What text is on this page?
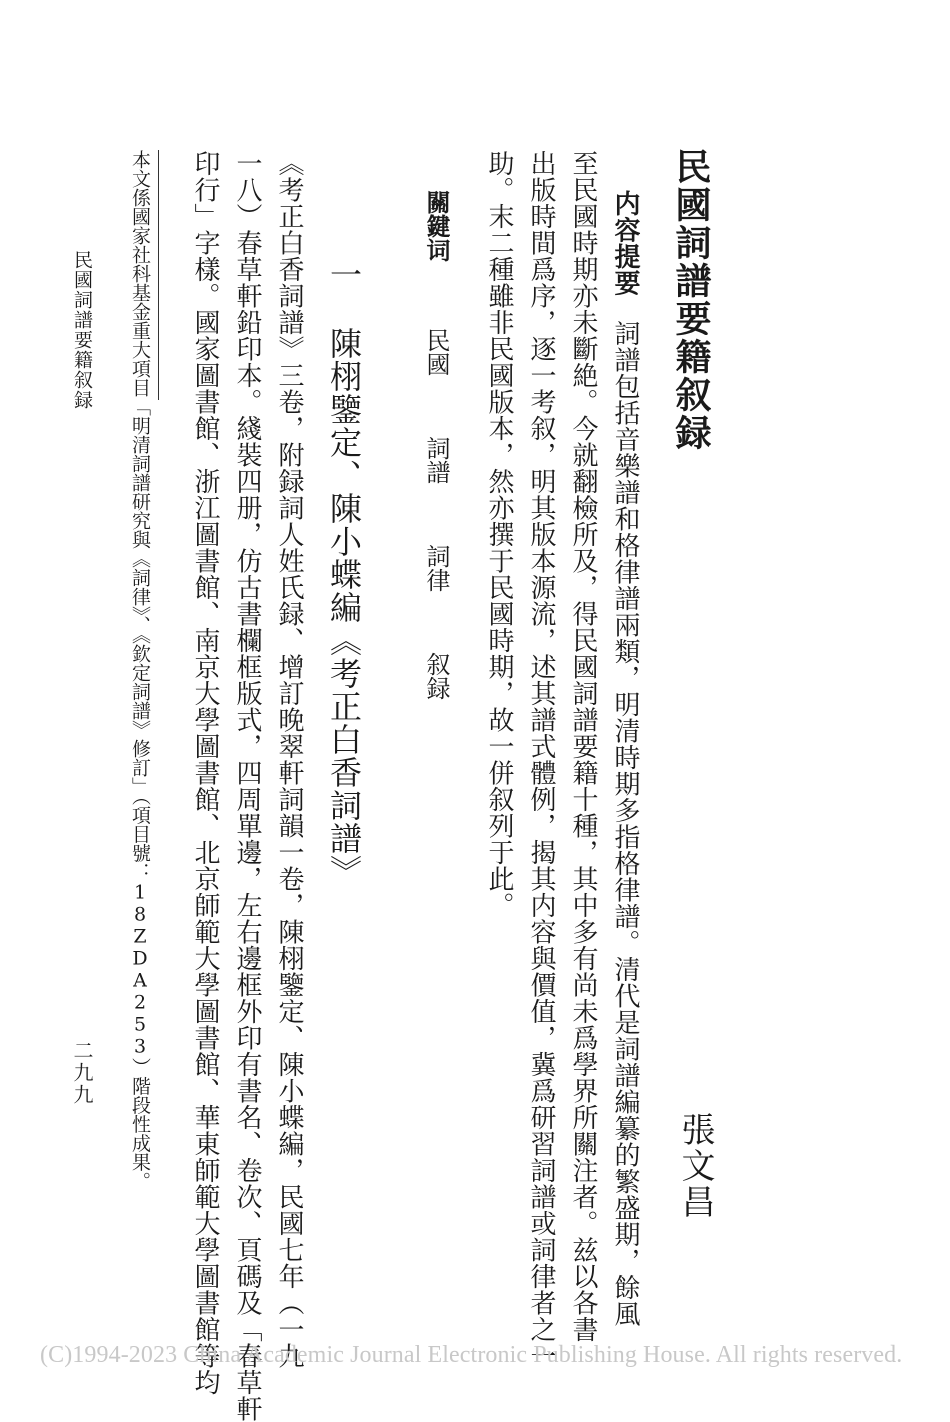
民國詞譜要籍叙録
張文昌
内容提要詞譜包括音樂譜和格律譜兩類，明清時期多指格律譜。清代是詞譜編纂的繁盛期，餘風
至民國時期亦未斷絶。今就翻檢所及，得民國詞譜要籍十種，其中多有尚未爲學界所關注者。兹以各書
出版時間爲序，逐一考叙，明其版本源流，述其譜式體例，揭其内容與價值，冀爲研習詞譜或詞律者之一
助。末二種雖非民國版本，然亦撰于民國時期，故一併叙列于此。
關鍵词 民國 詞譜 詞律 叙録
一陳栩鑒定、陳小蝶編《考正白香詞譜》
《考正白香詞譜》三卷，附録詞人姓氏録、增訂晚翠軒詞韻一卷，陳栩鑒定、陳小蝶編，民國七年（一九
一八）春草軒鉛印本。綫裝四册，仿古書欄框版式，四周單邊，左右邊框外印有書名、卷次、頁碼及「春草軒
印行」字樣。國家圖書館、浙江圖書館、南京大學圖書館、北京師範大學圖書館、華東師範大學圖書館等均
本文係國家社科基金重大項目「明清詞譜研究與《詞律》、《欽定詞譜》修訂」（項目號：18ZDA253）階段性成果。
民國詞譜要籍叙録
二九九
(C)1994-2023 China Academic Journal Electronic Publishing House. All rights reserved.
